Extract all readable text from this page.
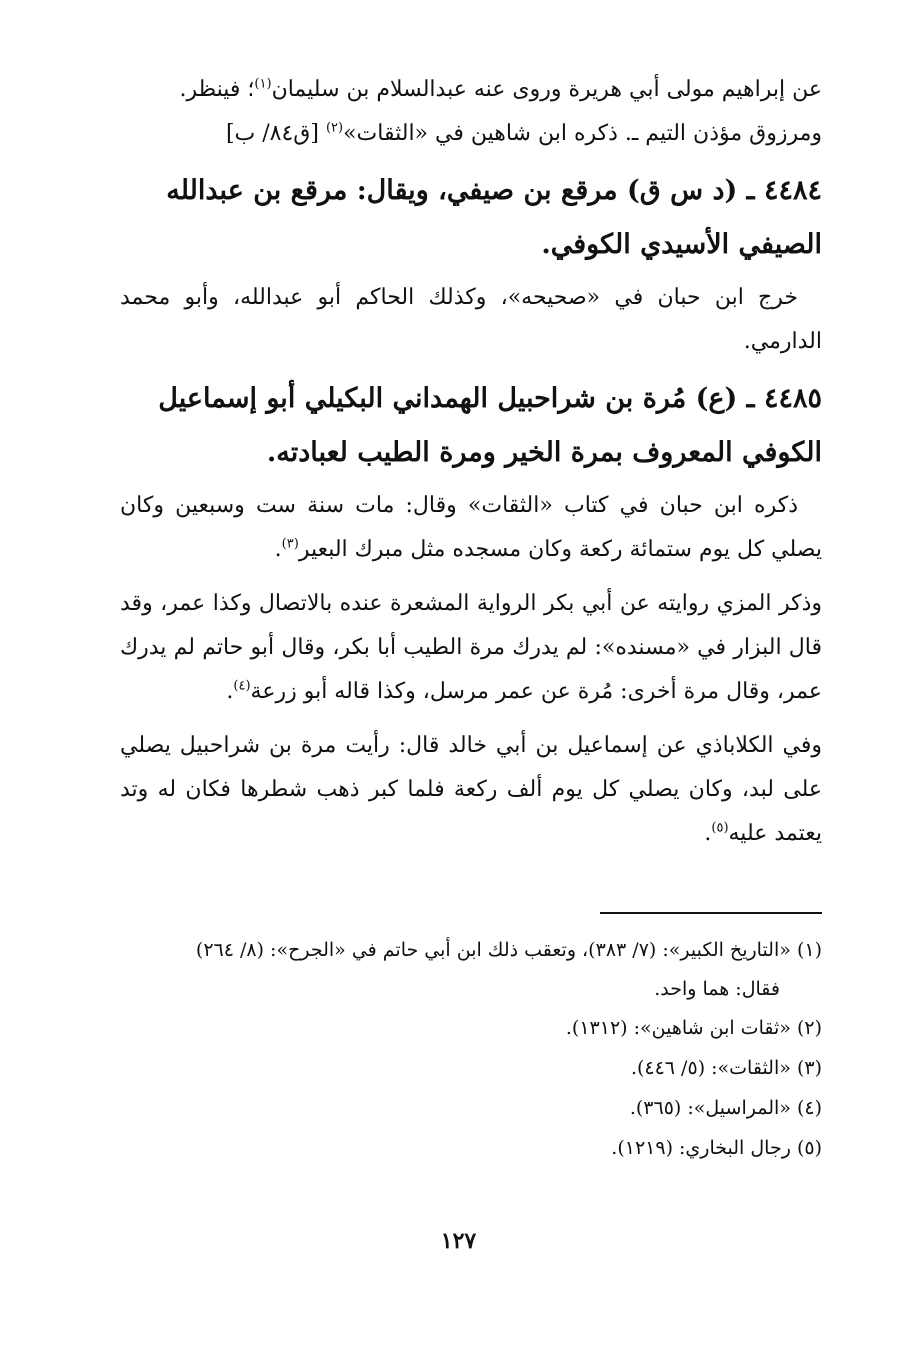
عن إبراهيم مولى أبي هريرة وروى عنه عبدالسلام بن سليمان$^{(١)}$؛ فينظر.

ومرزوق مؤذن التيم ـ. ذكره ابن شاهين في «الثقات»$^{(٢)}$ [ق٨٤/ ب]

٤٤٨٤ ـ (د س ق) مرقع بن صيفي، ويقال: مرقع بن عبدالله الصيفي الأسيدي الكوفي.

خرج ابن حبان في «صحيحه»، وكذلك الحاكم أبو عبدالله، وأبو محمد الدارمي.

٤٤٨٥ ـ (ع) مُرة بن شراحبيل الهمداني البكيلي أبو إسماعيل الكوفي المعروف بمرة الخير ومرة الطيب لعبادته.

ذكره ابن حبان في كتاب «الثقات» وقال: مات سنة ست وسبعين وكان يصلي كل يوم ستمائة ركعة وكان مسجده مثل مبرك البعير$^{(٣)}$.

وذكر المزي روايته عن أبي بكر الرواية المشعرة عنده بالاتصال وكذا عمر، وقد قال البزار في «مسنده»: لم يدرك مرة الطيب أبا بكر، وقال أبو حاتم لم يدرك عمر، وقال مرة أخرى: مُرة عن عمر مرسل، وكذا قاله أبو زرعة$^{(٤)}$.

وفي الكلاباذي عن إسماعيل بن أبي خالد قال: رأيت مرة بن شراحبيل يصلي على لبد، وكان يصلي كل يوم ألف ركعة فلما كبر ذهب شطرها فكان له وتد يعتمد عليه$^{(٥)}$.

(١) «التاريخ الكبير»: (٧/ ٣٨٣)، وتعقب ذلك ابن أبي حاتم في «الجرح»: (٨/ ٢٦٤)

فقال: هما واحد.

(٢) «ثقات ابن شاهين»: (١٣١٢).

(٣) «الثقات»: (٥/ ٤٤٦).

(٤) «المراسيل»: (٣٦٥).

(٥) رجال البخاري: (١٢١٩).

١٢٧
